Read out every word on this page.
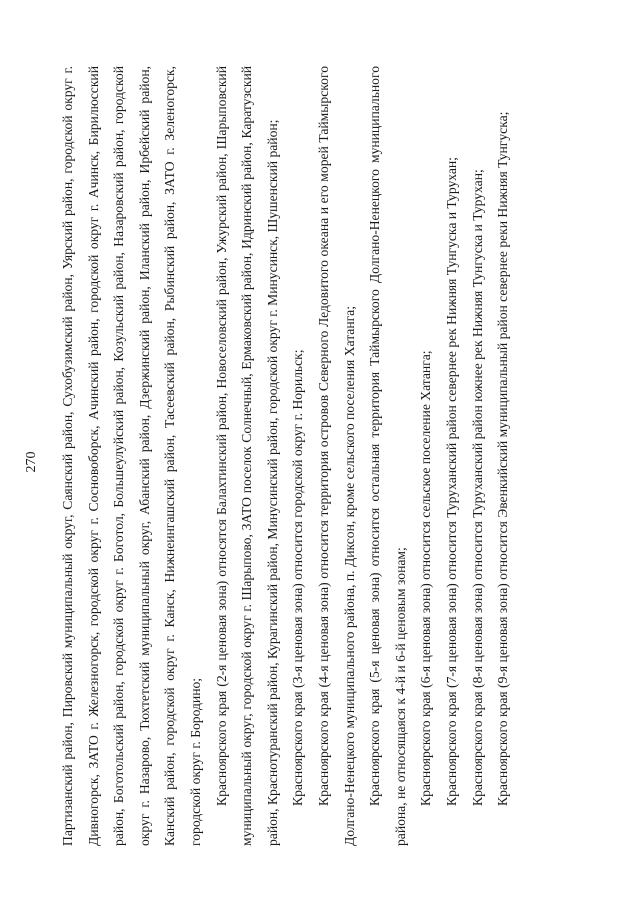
270	Партизанский район, Пировский муниципальный округ, Саянский район, Сухобузимский район, Уярский район, городской округ г. Дивногорск, ЗАТО г. Железногорск, городской округ г. Сосновоборск, Ачинский район, городской округ г. Ачинск, Бирилюсский район, Боготольский район, городской округ г. Боготол, Большеулуйский район, Козульский район, Назаровский район, городской округ г. Назарово, Тюхтетский муниципальный округ, Абанский район, Дзержинский район, Иланский район, Ирбейский район, Канский район, городской округ г. Канск, Нижнеингашский район, Тасеевский район, Рыбинский район, ЗАТО г. Зеленогорск, городской округ г. Бородино; Красноярского края (2-я ценовая зона) относятся Балахтинский район, Новоселовский район, Ужурский район, Шарыповский муниципальный округ, городской округ г. Шарыпово, ЗАТО поселок Солнечный, Ермаковский район, Идринский район, Каратузский район, Краснотуранский район, Курагинский район, Минусинский район, городской округ г. Минусинск, Шушенский район; Красноярского края (3-я ценовая зона) относится городской округ г. Норильск; Красноярского края (4-я ценовая зона) относится территория островов Северного Ледовитого океана и его морей Таймырского Долгано-Ненецкого муниципального района, п. Диксон, кроме сельского поселения Хатанга; Красноярского края (5-я ценовая зона) относится остальная территория Таймырского Долгано-Ненецкого муниципального района, не относящаяся к 4-й и 6-й ценовым зонам; Красноярского края (6-я ценовая зона) относится сельское поселение Хатанга; Красноярского края (7-я ценовая зона) относится Туруханский район севернее рек Нижняя Тунгуска и Турухан; Красноярского края (8-я ценовая зона) относится Туруханский район южнее рек Нижняя Тунгуска и Турухан; Красноярского края (9-я ценовая зона) относится Эвенкийский муниципальный район севернее реки Нижняя Тунгуска;
